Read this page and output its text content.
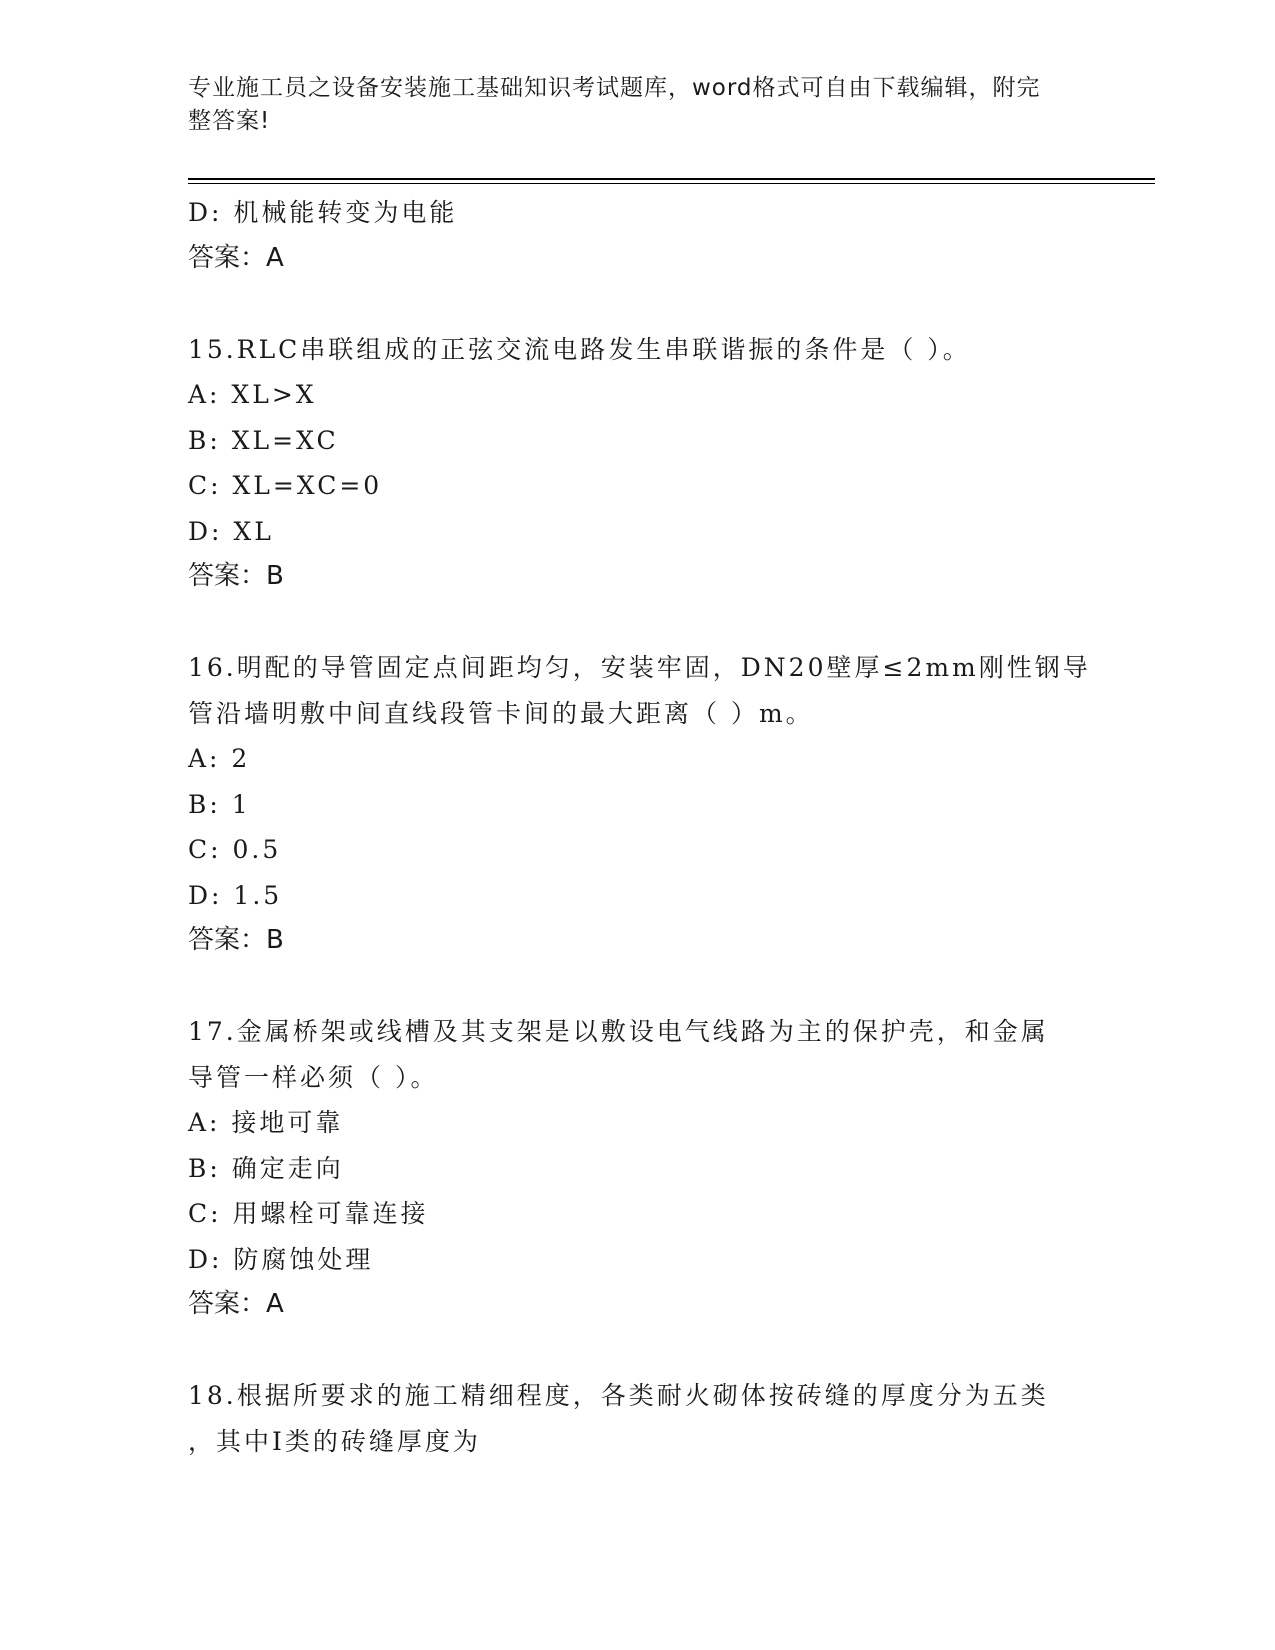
专业施工员之设备安装施工基础知识考试题库，word格式可自由下载编辑，附完
整答案!
D: 机械能转变为电能
答案：A
15.RLC串联组成的正弦交流电路发生串联谐振的条件是（ ）。
A: XL>X
B: XL=XC
C: XL=XC=0
D: XL
答案：B
16.明配的导管固定点间距均匀，安装牢固，DN20壁厚≤2mm刚性钢导
管沿墙明敷中间直线段管卡间的最大距离（ ）m。
A: 2
B: 1
C: 0.5
D: 1.5
答案：B
17.金属桥架或线槽及其支架是以敷设电气线路为主的保护壳，和金属
导管一样必须（ ）。
A: 接地可靠
B: 确定走向
C: 用螺栓可靠连接
D: 防腐蚀处理
答案：A
18.根据所要求的施工精细程度，各类耐火砌体按砖缝的厚度分为五类
，其中I类的砖缝厚度为
